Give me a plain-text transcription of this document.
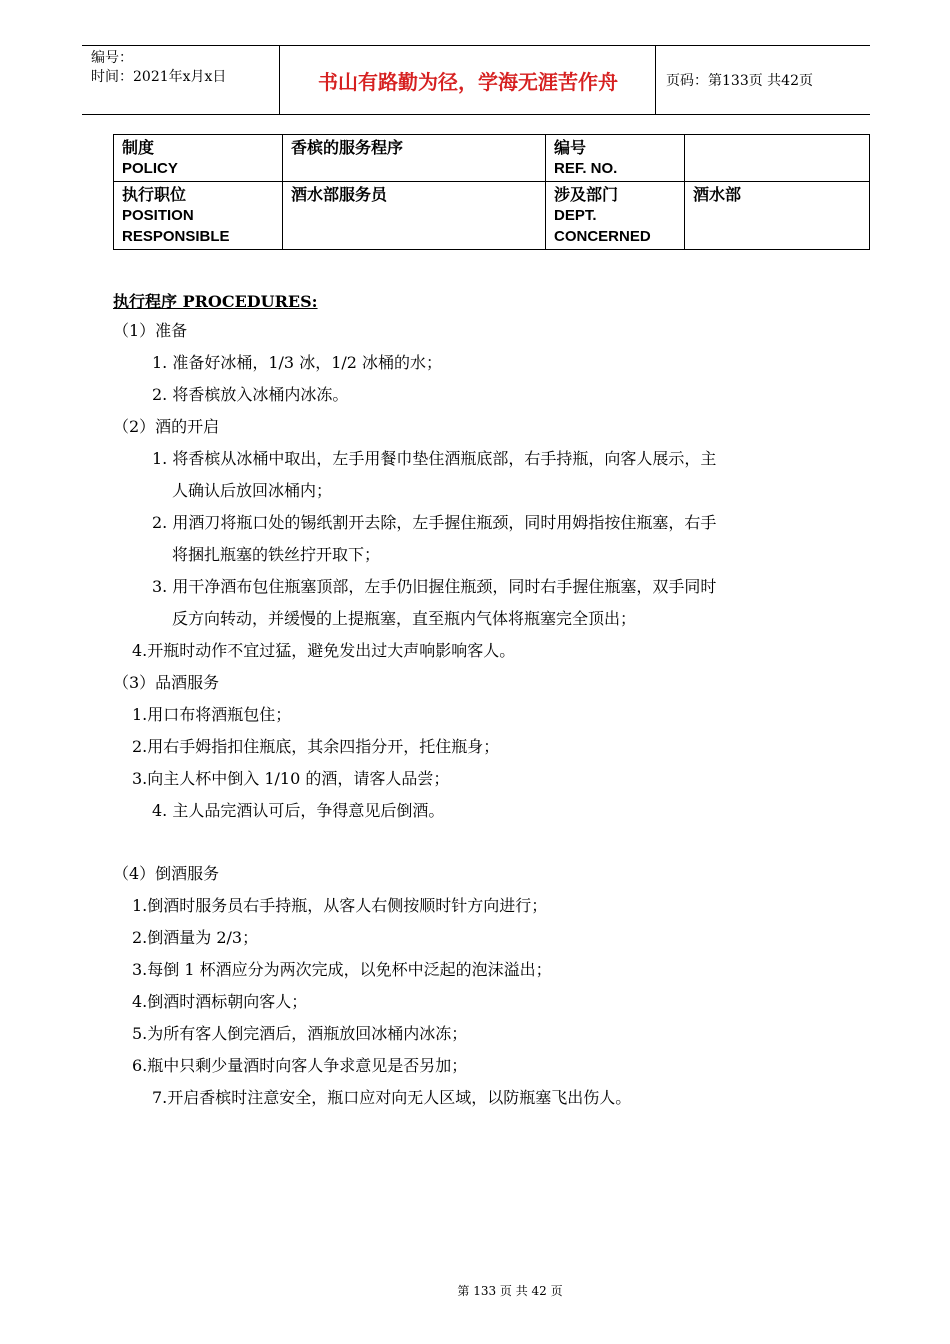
编号：
时间：2021年x月x日	书山有路勤为径，学海无涯苦作舟	页码：第133页 共42页
制度
POLICY	香槟的服务程序	编号
REF. NO.	

执行职位
POSITION RESPONSIBLE	酒水部服务员	涉及部门
DEPT. CONCERNED	酒水部
执行程序 PROCEDURES:
（1）准备
1. 准备好冰桶，1/3 冰，1/2 冰桶的水；
2. 将香槟放入冰桶内冰冻。
（2）酒的开启
1. 将香槟从冰桶中取出，左手用餐巾垫住酒瓶底部，右手持瓶，向客人展示，主
人确认后放回冰桶内；
2. 用酒刀将瓶口处的锡纸割开去除，左手握住瓶颈，同时用姆指按住瓶塞，右手
将捆扎瓶塞的铁丝拧开取下；
3. 用干净酒布包住瓶塞顶部，左手仍旧握住瓶颈，同时右手握住瓶塞，双手同时
反方向转动，并缓慢的上提瓶塞，直至瓶内气体将瓶塞完全顶出；
4.开瓶时动作不宜过猛，避免发出过大声响影响客人。
（3）品酒服务
1.用口布将酒瓶包住；
2.用右手姆指扣住瓶底，其余四指分开，托住瓶身；
3.向主人杯中倒入 1/10 的酒，请客人品尝；
4. 主人品完酒认可后，争得意见后倒酒。
（4）倒酒服务
1.倒酒时服务员右手持瓶，从客人右侧按顺时针方向进行；
2.倒酒量为 2/3；
3.每倒 1 杯酒应分为两次完成，以免杯中泛起的泡沫溢出；
4.倒酒时酒标朝向客人；
5.为所有客人倒完酒后，酒瓶放回冰桶内冰冻；
6.瓶中只剩少量酒时向客人争求意见是否另加；
7.开启香槟时注意安全，瓶口应对向无人区域，以防瓶塞飞出伤人。
第 133 页 共 42 页
